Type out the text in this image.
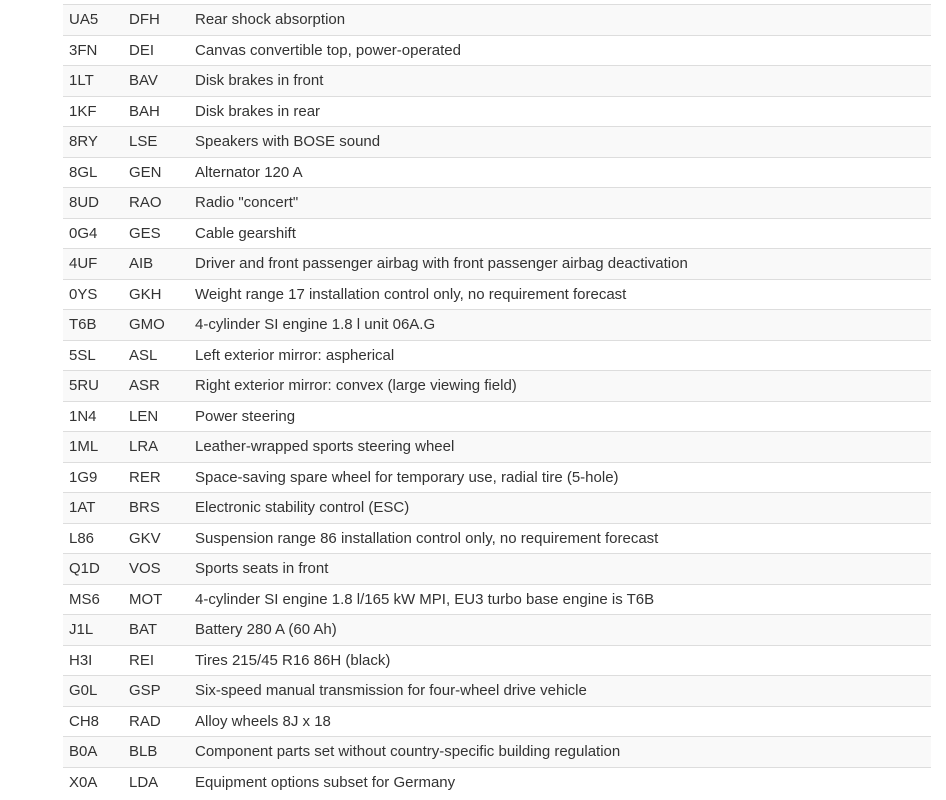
UA5	DFH	Rear shock absorption
3FN	DEI	Canvas convertible top, power-operated
1LT	BAV	Disk brakes in front
1KF	BAH	Disk brakes in rear
8RY	LSE	Speakers with BOSE sound
8GL	GEN	Alternator 120 A
8UD	RAO	Radio "concert"
0G4	GES	Cable gearshift
4UF	AIB	Driver and front passenger airbag with front passenger airbag deactivation
0YS	GKH	Weight range 17 installation control only, no requirement forecast
T6B	GMO	4-cylinder SI engine 1.8 l unit 06A.G
5SL	ASL	Left exterior mirror: aspherical
5RU	ASR	Right exterior mirror: convex (large viewing field)
1N4	LEN	Power steering
1ML	LRA	Leather-wrapped sports steering wheel
1G9	RER	Space-saving spare wheel for temporary use, radial tire (5-hole)
1AT	BRS	Electronic stability control (ESC)
L86	GKV	Suspension range 86 installation control only, no requirement forecast
Q1D	VOS	Sports seats in front
MS6	MOT	4-cylinder SI engine 1.8 l/165 kW MPI, EU3 turbo base engine is T6B
J1L	BAT	Battery 280 A (60 Ah)
H3I	REI	Tires 215/45 R16 86H (black)
G0L	GSP	Six-speed manual transmission for four-wheel drive vehicle
CH8	RAD	Alloy wheels 8J x 18
B0A	BLB	Component parts set without country-specific building regulation
X0A	LDA	Equipment options subset for Germany
